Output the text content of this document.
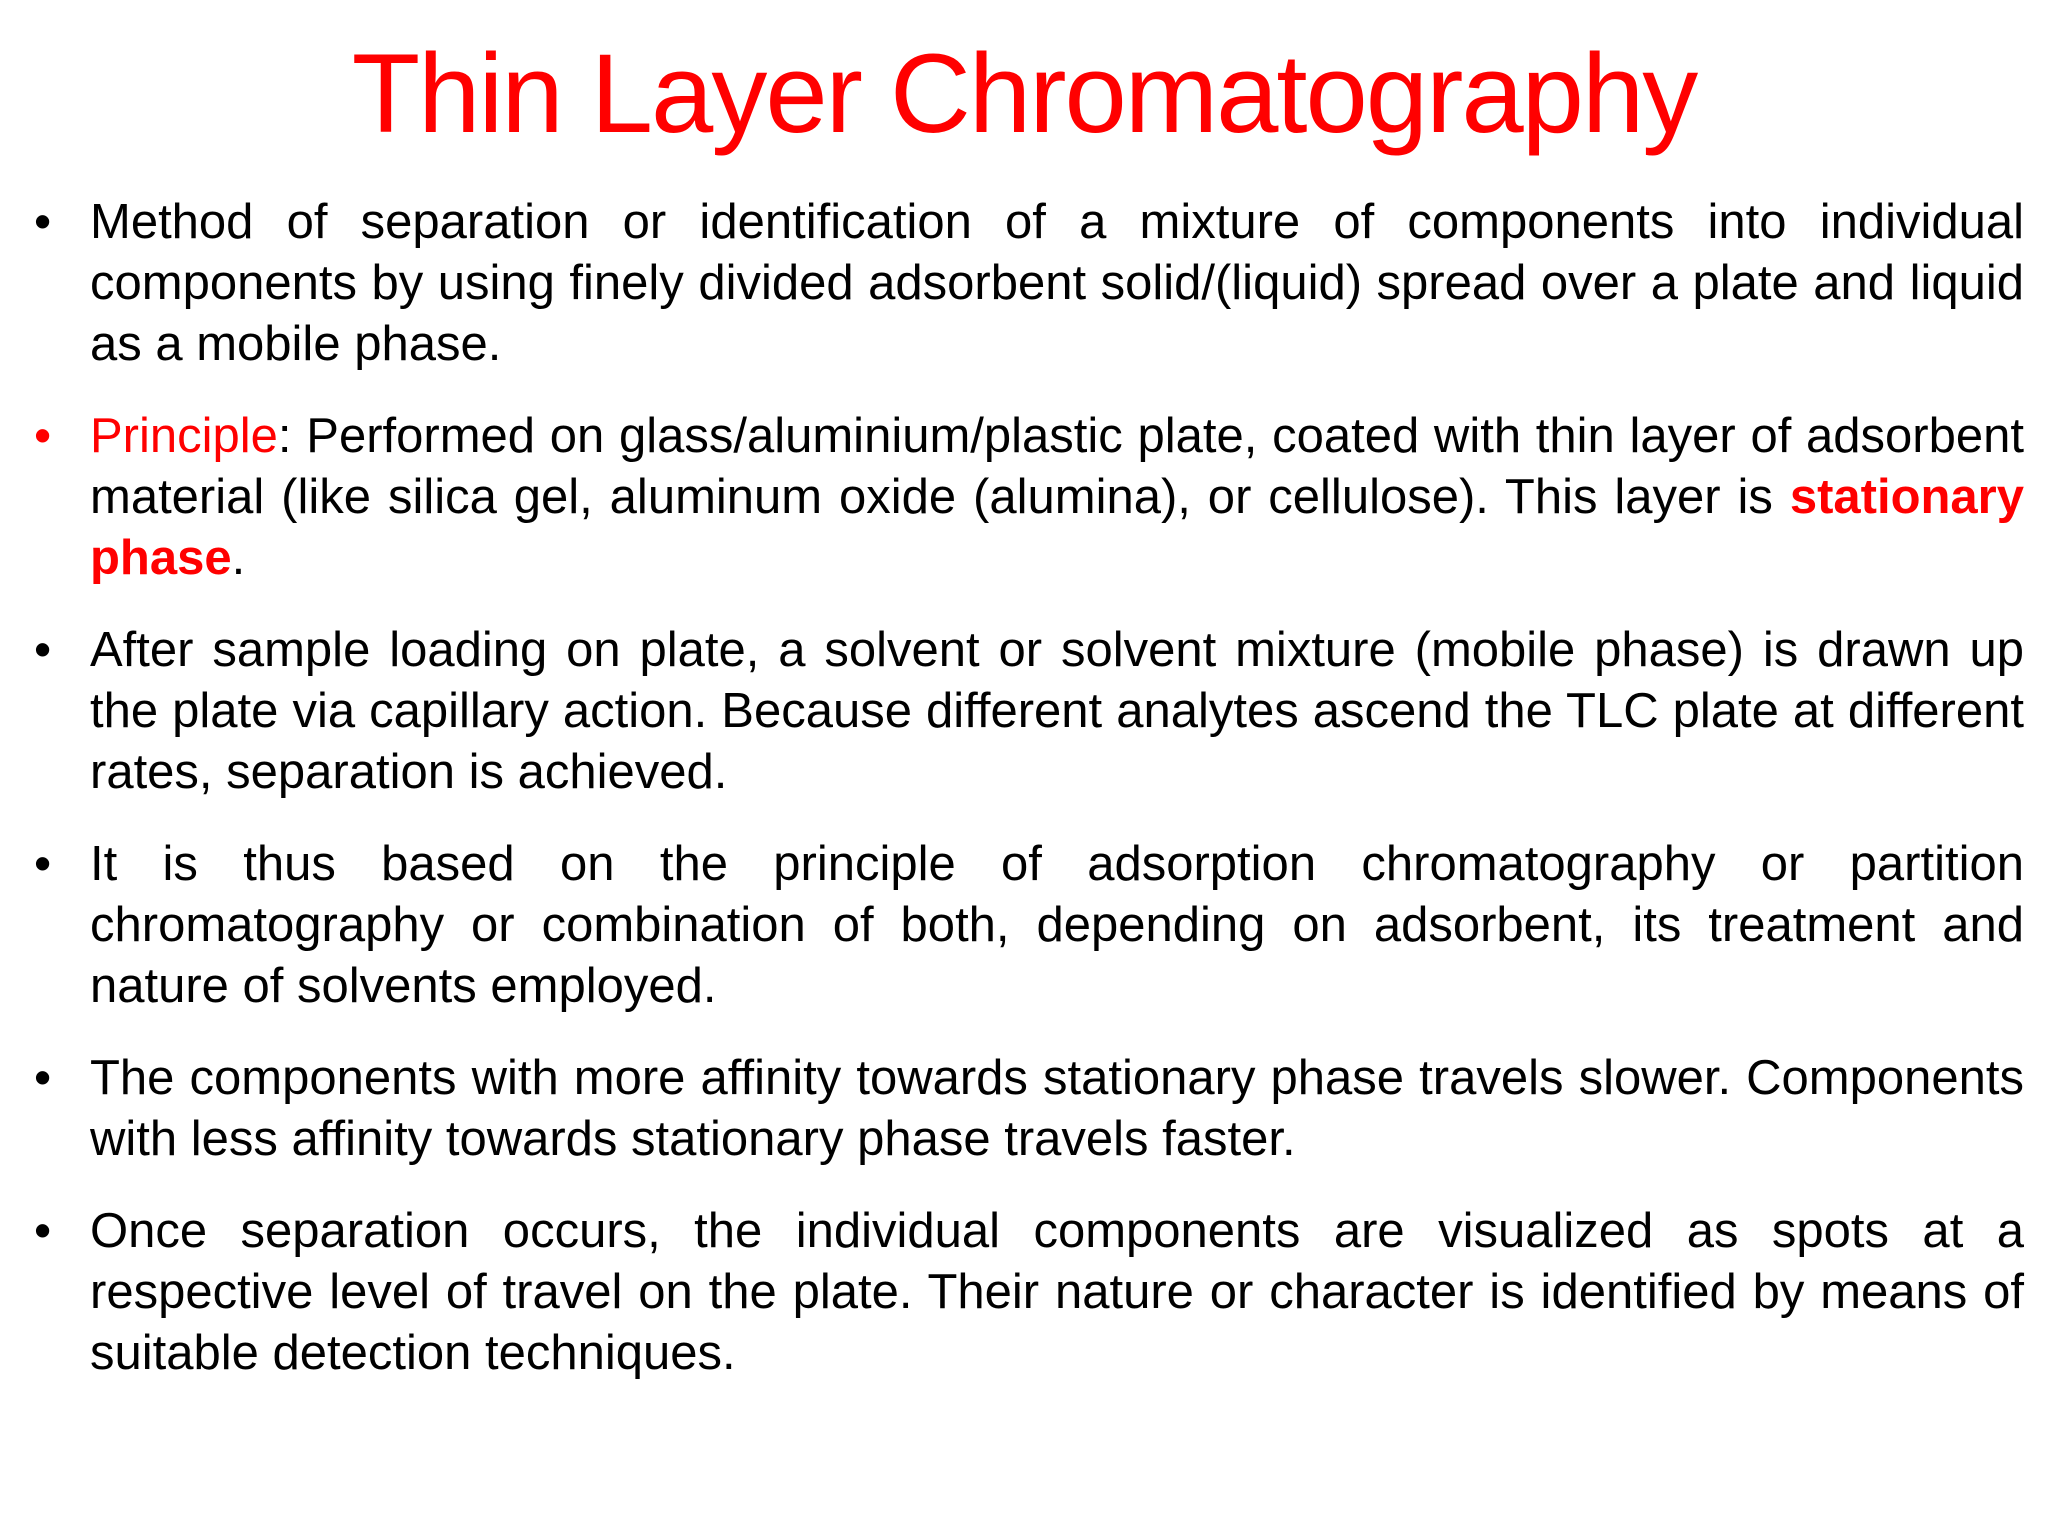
Thin Layer Chromatography
• Method of separation or identification of a mixture of components into individual components by using finely divided adsorbent solid/(liquid) spread over a plate and liquid as a mobile phase.
• Principle: Performed on glass/aluminium/plastic plate, coated with thin layer of adsorbent material (like silica gel, aluminum oxide (alumina), or cellulose). This layer is stationary phase.
• After sample loading on plate, a solvent or solvent mixture (mobile phase) is drawn up the plate via capillary action. Because different analytes ascend the TLC plate at different rates, separation is achieved.
• It is thus based on the principle of adsorption chromatography or partition chromatography or combination of both, depending on adsorbent, its treatment and nature of solvents employed.
• The components with more affinity towards stationary phase travels slower. Components with less affinity towards stationary phase travels faster.
• Once separation occurs, the individual components are visualized as spots at a respective level of travel on the plate. Their nature or character is identified by means of suitable detection techniques.
